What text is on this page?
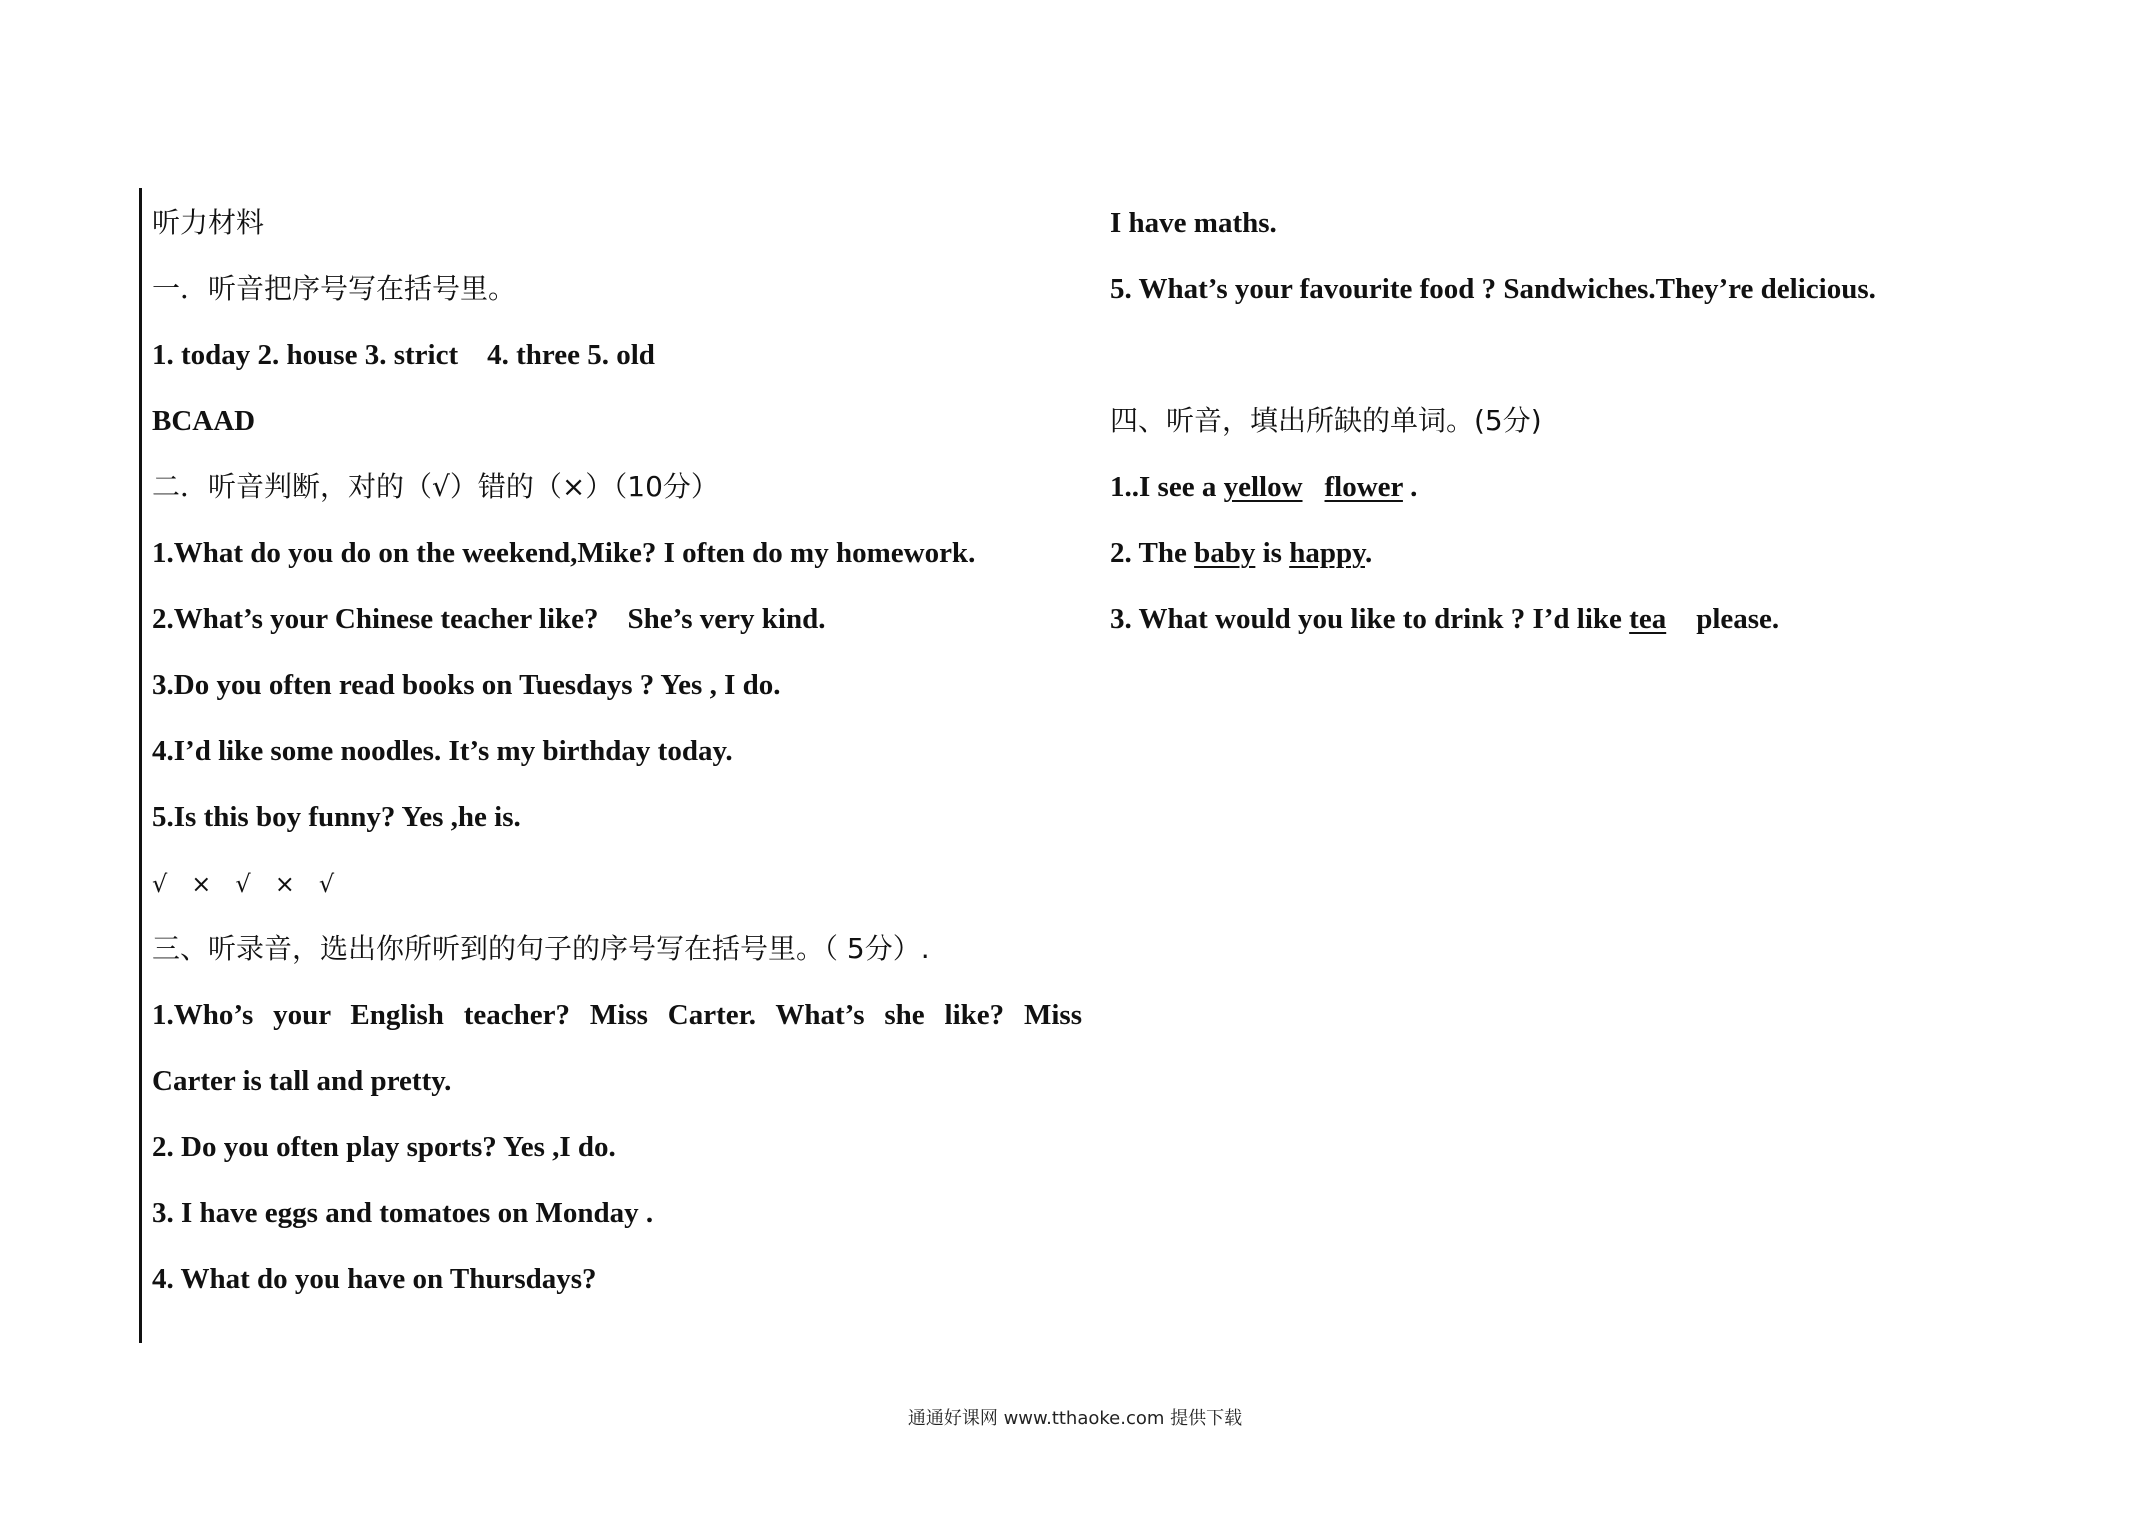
听力材料
一．听音把序号写在括号里。
1. today 2. house 3. strict    4. three 5. old
BCAAD
二．听音判断，对的（√）错的（×）（10分）
1.What do you do on the weekend,Mike? I often do my homework.
2.What’s your Chinese teacher like?    She’s very kind.
3.Do you often read books on Tuesdays ? Yes , I do.
4.I’d like some noodles. It’s my birthday today.
5.Is this boy funny? Yes ,he is.
√ × √ × √
三、听录音，选出你所听到的句子的序号写在括号里。（ 5分）.
1.Who’s your English teacher? Miss Carter. What’s she like? Miss
Carter is tall and pretty.
2. Do you often play sports? Yes ,I do.
3. I have eggs and tomatoes on Monday .
4. What do you have on Thursdays?
I have maths.
5. What’s your favourite food ? Sandwiches.They’re delicious.
四、听音，填出所缺的单词。(5分)
1..I see a yellow flower .
2. The baby is happy.
3. What would you like to drink ? I’d like tea please.
通通好课网 www.tthaoke.com 提供下载
